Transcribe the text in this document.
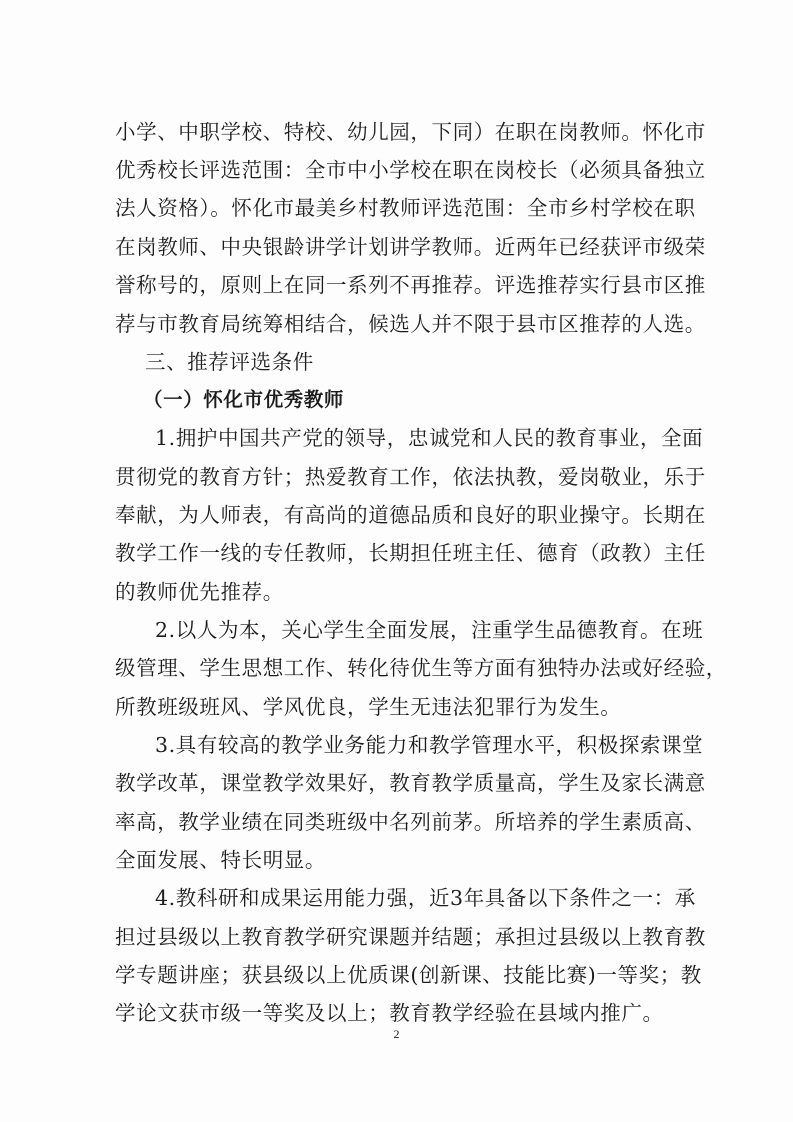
小学、中职学校、特校、幼儿园，下同）在职在岗教师。怀化市
优秀校长评选范围：全市中小学校在职在岗校长（必须具备独立
法人资格）。怀化市最美乡村教师评选范围：全市乡村学校在职
在岗教师、中央银龄讲学计划讲学教师。近两年已经获评市级荣
誉称号的，原则上在同一系列不再推荐。评选推荐实行县市区推
荐与市教育局统筹相结合，候选人并不限于县市区推荐的人选。
三、推荐评选条件
（一）怀化市优秀教师
1.拥护中国共产党的领导，忠诚党和人民的教育事业，全面
贯彻党的教育方针；热爱教育工作，依法执教，爱岗敬业，乐于
奉献，为人师表，有高尚的道德品质和良好的职业操守。长期在
教学工作一线的专任教师，长期担任班主任、德育（政教）主任
的教师优先推荐。
2.以人为本，关心学生全面发展，注重学生品德教育。在班
级管理、学生思想工作、转化待优生等方面有独特办法或好经验，
所教班级班风、学风优良，学生无违法犯罪行为发生。
3.具有较高的教学业务能力和教学管理水平，积极探索课堂
教学改革，课堂教学效果好，教育教学质量高，学生及家长满意
率高，教学业绩在同类班级中名列前茅。所培养的学生素质高、
全面发展、特长明显。
4.教科研和成果运用能力强，近3年具备以下条件之一：承
担过县级以上教育教学研究课题并结题；承担过县级以上教育教
学专题讲座；获县级以上优质课(创新课、技能比赛)一等奖；教
学论文获市级一等奖及以上；教育教学经验在县域内推广。
2
